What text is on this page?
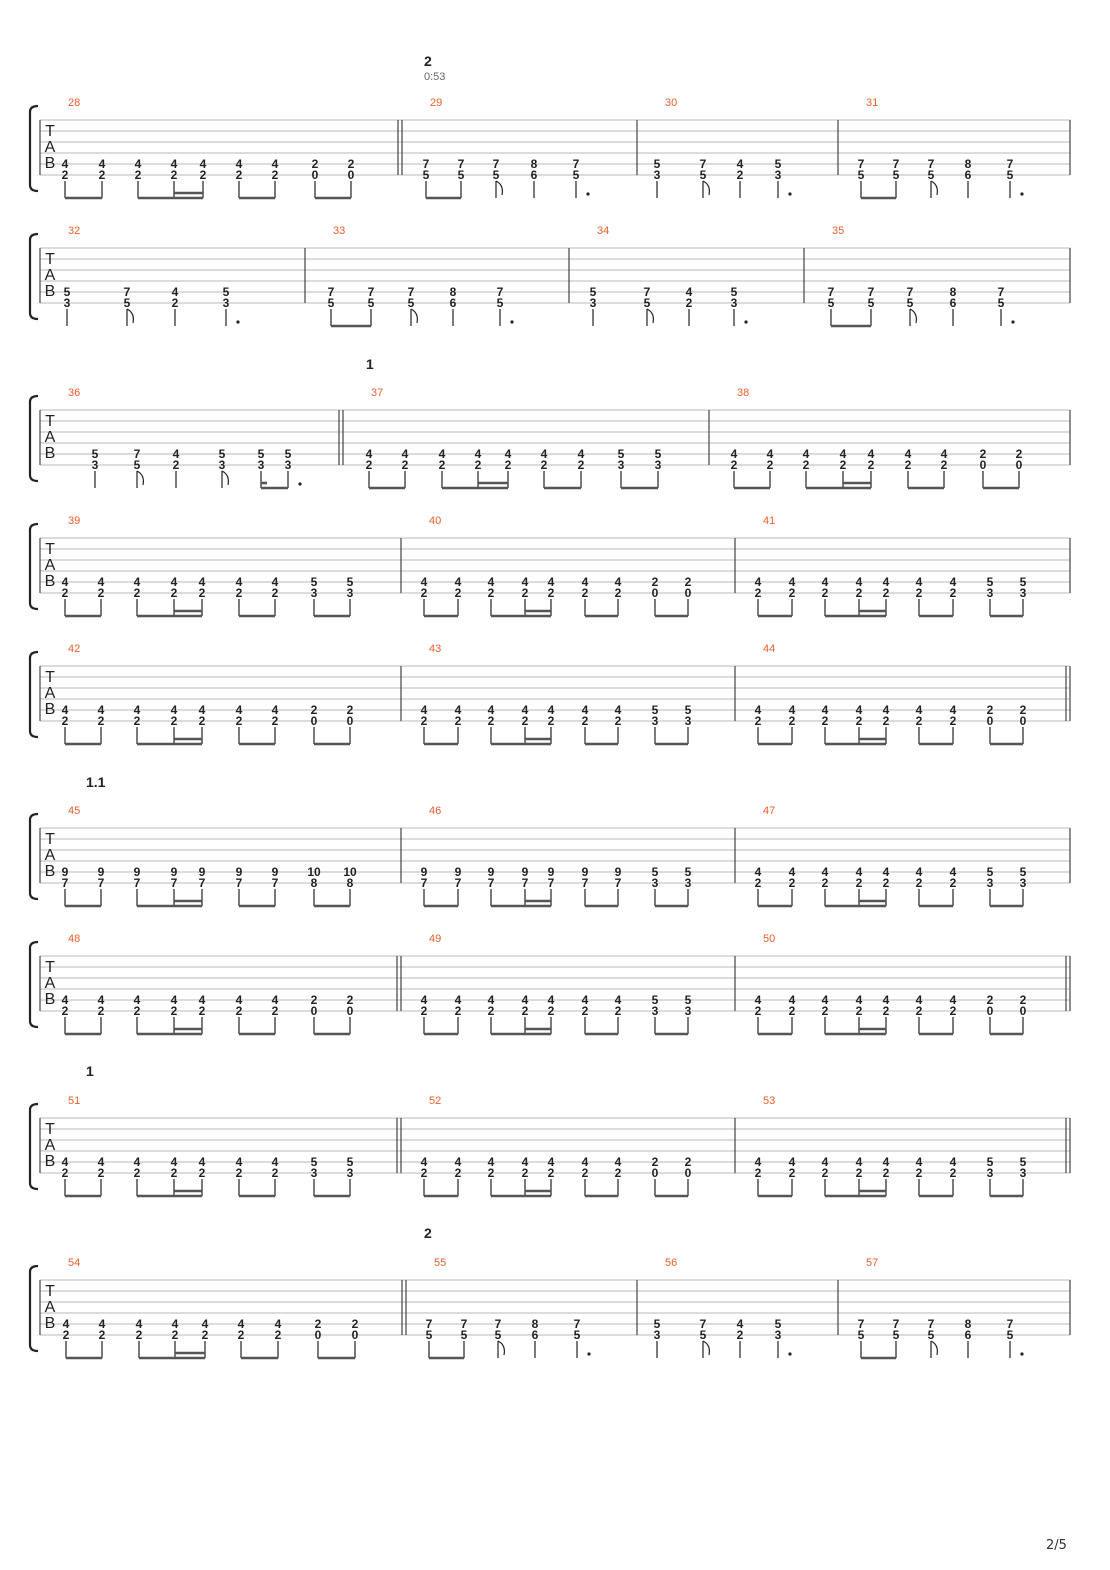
2
0:53
T
A
B
28
4
2
4
2
4
2
4
2
4
2
4
2
4
2
2
0
2
0
29
7
5
7
5
7
5
8
6
7
5
30
5
3
7
5
4
2
5
3
31
7
5
7
5
7
5
8
6
7
5
T
A
B
32
5
3
7
5
4
2
5
3
33
7
5
7
5
7
5
8
6
7
5
34
5
3
7
5
4
2
5
3
35
7
5
7
5
7
5
8
6
7
5
1
T
A
B
36
5
3
7
5
4
2
5
3
5
3
5
3
37
4
2
4
2
4
2
4
2
4
2
4
2
4
2
5
3
5
3
38
4
2
4
2
4
2
4
2
4
2
4
2
4
2
2
0
2
0
T
A
B
39
4
2
4
2
4
2
4
2
4
2
4
2
4
2
5
3
5
3
40
4
2
4
2
4
2
4
2
4
2
4
2
4
2
2
0
2
0
41
4
2
4
2
4
2
4
2
4
2
4
2
4
2
5
3
5
3
T
A
B
42
4
2
4
2
4
2
4
2
4
2
4
2
4
2
2
0
2
0
43
4
2
4
2
4
2
4
2
4
2
4
2
4
2
5
3
5
3
44
4
2
4
2
4
2
4
2
4
2
4
2
4
2
2
0
2
0
1.1
T
A
B
45
9
7
9
7
9
7
9
7
9
7
9
7
9
7
10
8
10
8
46
9
7
9
7
9
7
9
7
9
7
9
7
9
7
5
3
5
3
47
4
2
4
2
4
2
4
2
4
2
4
2
4
2
5
3
5
3
T
A
B
48
4
2
4
2
4
2
4
2
4
2
4
2
4
2
2
0
2
0
49
4
2
4
2
4
2
4
2
4
2
4
2
4
2
5
3
5
3
50
4
2
4
2
4
2
4
2
4
2
4
2
4
2
2
0
2
0
1
T
A
B
51
4
2
4
2
4
2
4
2
4
2
4
2
4
2
5
3
5
3
52
4
2
4
2
4
2
4
2
4
2
4
2
4
2
2
0
2
0
53
4
2
4
2
4
2
4
2
4
2
4
2
4
2
5
3
5
3
2
T
A
B
54
4
2
4
2
4
2
4
2
4
2
4
2
4
2
2
0
2
0
55
7
5
7
5
7
5
8
6
7
5
56
5
3
7
5
4
2
5
3
57
7
5
7
5
7
5
8
6
7
5
2/5
